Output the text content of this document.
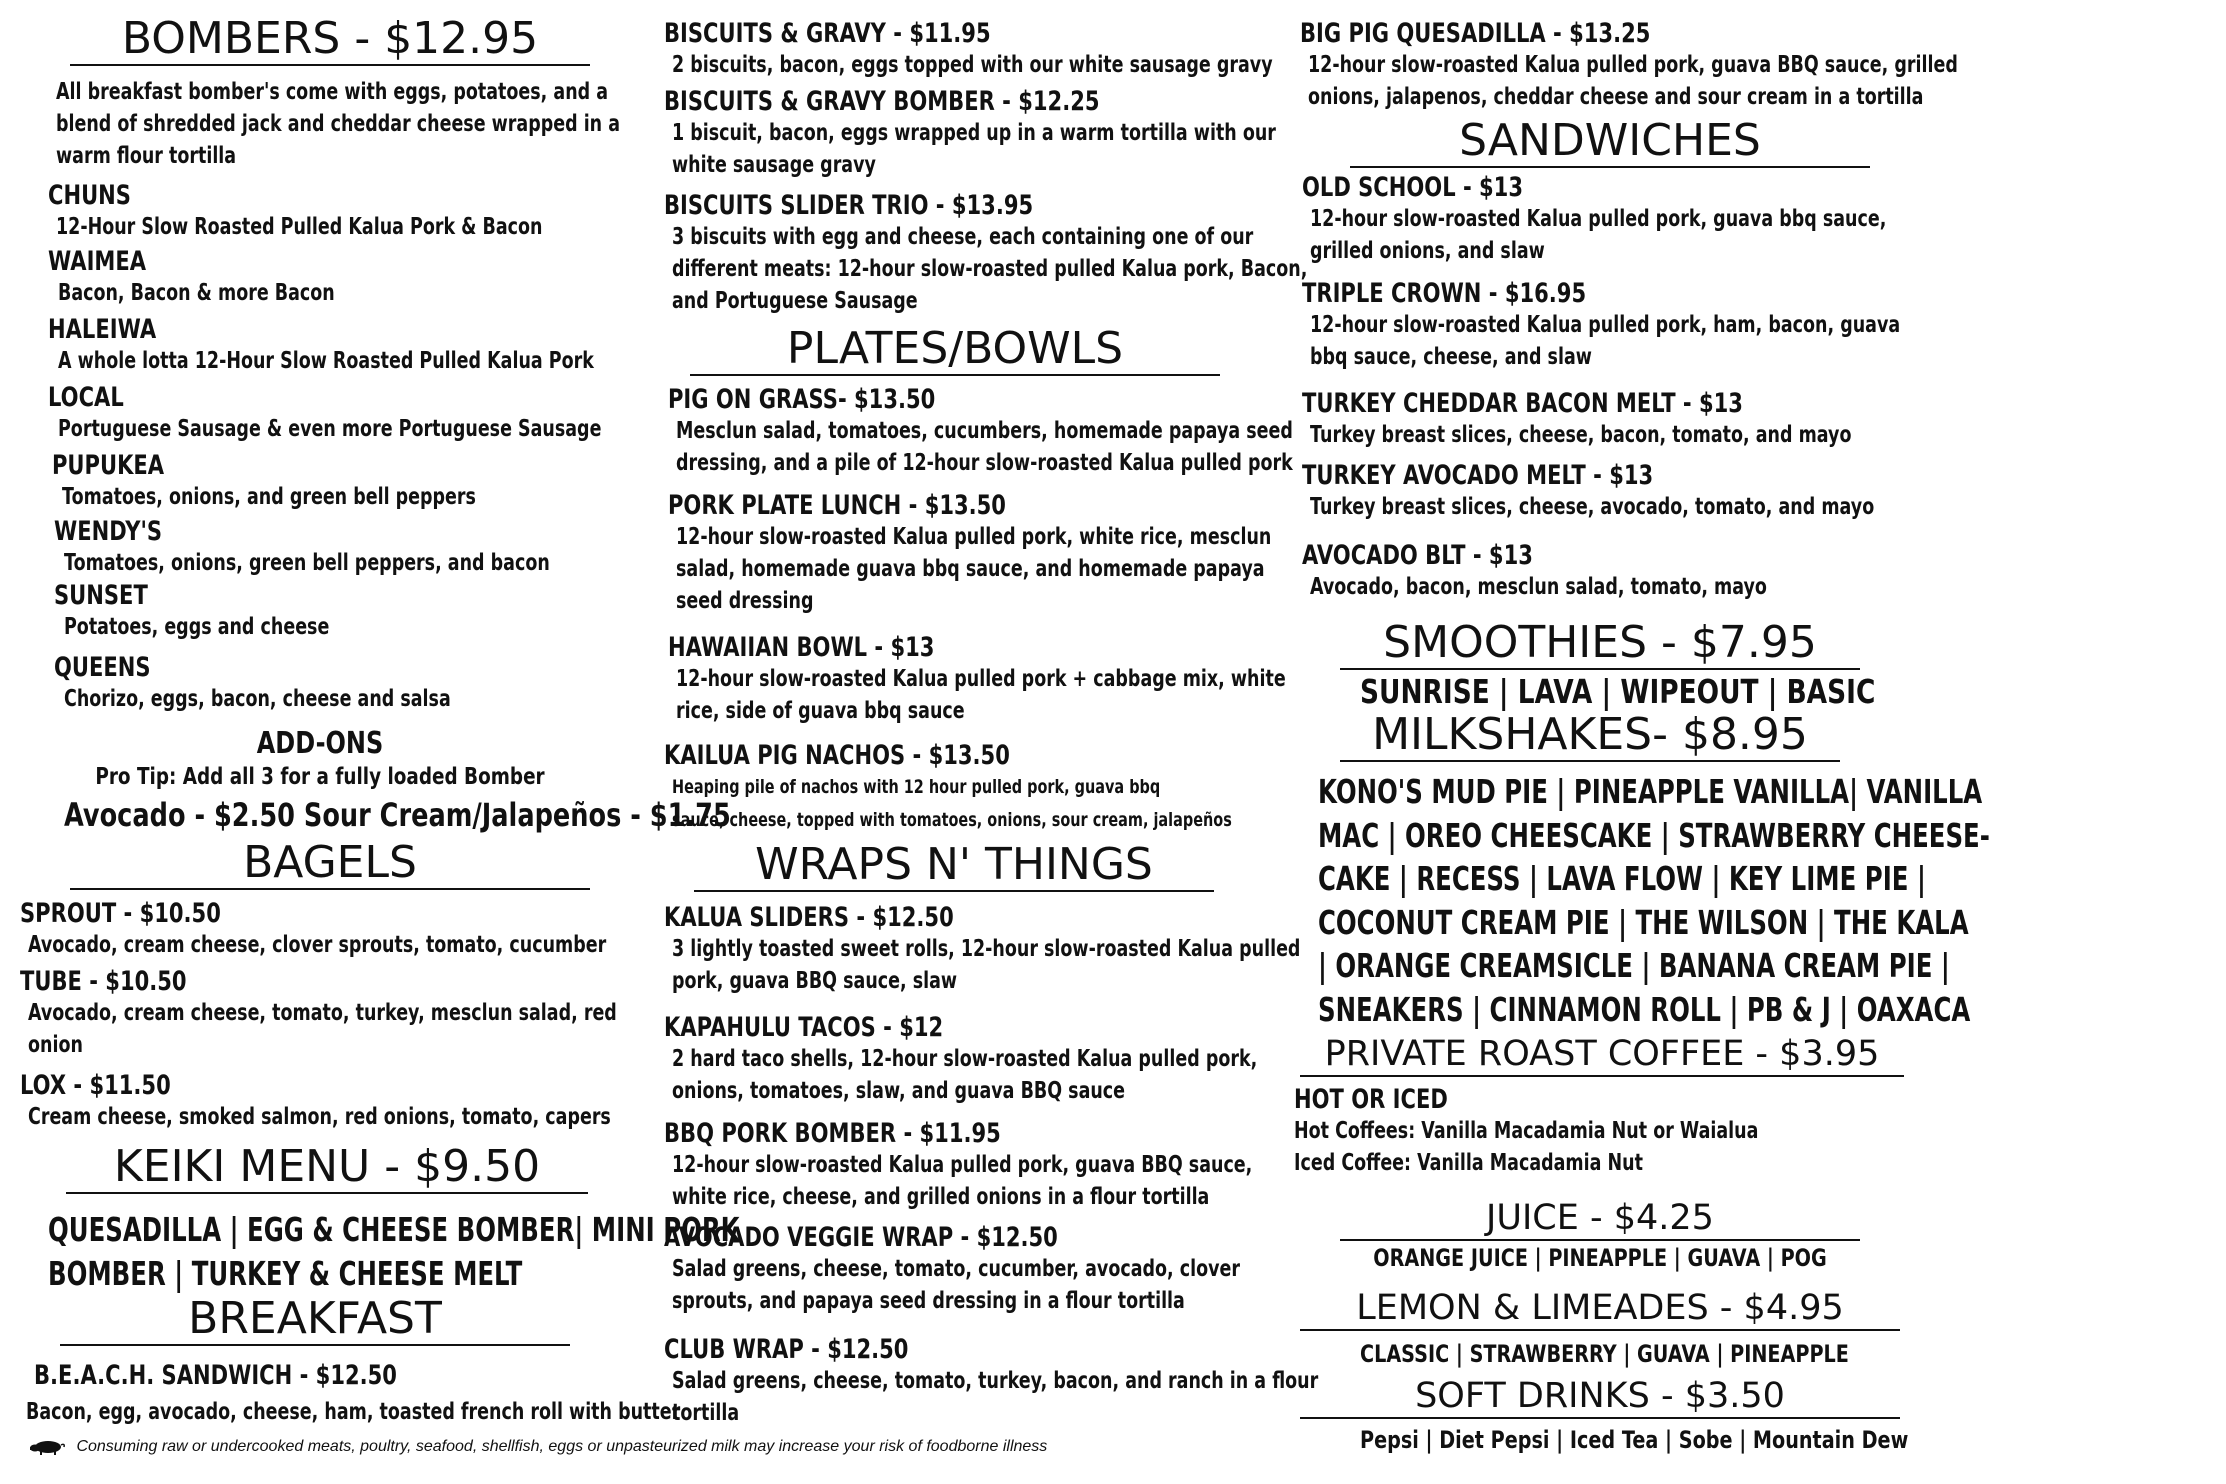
BOMBERS - $12.95
All breakfast bomber's come with eggs, potatoes, and a
blend of shredded jack and cheddar cheese wrapped in a
warm flour tortilla
CHUNS
12-Hour Slow Roasted Pulled Kalua Pork & Bacon
WAIMEA
Bacon, Bacon & more Bacon
HALEIWA
A whole lotta 12-Hour Slow Roasted Pulled Kalua Pork
LOCAL
Portuguese Sausage & even more Portuguese Sausage
PUPUKEA
Tomatoes, onions, and green bell peppers
WENDY'S
Tomatoes, onions, green bell peppers, and bacon
SUNSET
Potatoes, eggs and cheese
QUEENS
Chorizo, eggs, bacon, cheese and salsa
ADD-ONS
Pro Tip: Add all 3 for a fully loaded Bomber
Avocado - $2.50 Sour Cream/Jalapeños - $1.75
BAGELS
SPROUT - $10.50
Avocado, cream cheese, clover sprouts, tomato, cucumber
TUBE - $10.50
Avocado, cream cheese, tomato, turkey, mesclun salad, red
onion
LOX - $11.50
Cream cheese, smoked salmon, red onions, tomato, capers
KEIKI MENU - $9.50
QUESADILLA | EGG & CHEESE BOMBER| MINI PORK
BOMBER | TURKEY & CHEESE MELT
BREAKFAST
B.E.A.C.H. SANDWICH - $12.50
Bacon, egg, avocado, cheese, ham, toasted french roll with butter
BISCUITS & GRAVY - $11.95
2 biscuits, bacon, eggs topped with our white sausage gravy
BISCUITS & GRAVY BOMBER - $12.25
1 biscuit, bacon, eggs wrapped up in a warm tortilla with our
white sausage gravy
BISCUITS SLIDER TRIO - $13.95
3 biscuits with egg and cheese, each containing one of our
different meats: 12-hour slow-roasted pulled Kalua pork, Bacon,
and Portuguese Sausage
PLATES/BOWLS
PIG ON GRASS- $13.50
Mesclun salad, tomatoes, cucumbers, homemade papaya seed
dressing, and a pile of 12-hour slow-roasted Kalua pulled pork
PORK PLATE LUNCH - $13.50
12-hour slow-roasted Kalua pulled pork, white rice, mesclun
salad, homemade guava bbq sauce, and homemade papaya
seed dressing
HAWAIIAN BOWL - $13
12-hour slow-roasted Kalua pulled pork + cabbage mix, white
rice, side of guava bbq sauce
KAILUA PIG NACHOS - $13.50
Heaping pile of nachos with 12 hour pulled pork, guava bbq
sauce, cheese, topped with tomatoes, onions, sour cream, jalapeños
WRAPS N' THINGS
KALUA SLIDERS - $12.50
3 lightly toasted sweet rolls, 12-hour slow-roasted Kalua pulled
pork, guava BBQ sauce, slaw
KAPAHULU TACOS - $12
2 hard taco shells, 12-hour slow-roasted Kalua pulled pork,
onions, tomatoes, slaw, and guava BBQ sauce
BBQ PORK BOMBER - $11.95
12-hour slow-roasted Kalua pulled pork, guava BBQ sauce,
white rice, cheese, and grilled onions in a flour tortilla
AVOCADO VEGGIE WRAP - $12.50
Salad greens, cheese, tomato, cucumber, avocado, clover
sprouts, and papaya seed dressing in a flour tortilla
CLUB WRAP - $12.50
Salad greens, cheese, tomato, turkey, bacon, and ranch in a flour
tortilla
BIG PIG QUESADILLA - $13.25
12-hour slow-roasted Kalua pulled pork, guava BBQ sauce, grilled
onions, jalapenos, cheddar cheese and sour cream in a tortilla
SANDWICHES
OLD SCHOOL - $13
12-hour slow-roasted Kalua pulled pork, guava bbq sauce,
grilled onions, and slaw
TRIPLE CROWN - $16.95
12-hour slow-roasted Kalua pulled pork, ham, bacon, guava
bbq sauce, cheese, and slaw
TURKEY CHEDDAR BACON MELT - $13
Turkey breast slices, cheese, bacon, tomato, and mayo
TURKEY AVOCADO MELT - $13
Turkey breast slices, cheese, avocado, tomato, and mayo
AVOCADO BLT - $13
Avocado, bacon, mesclun salad, tomato, mayo
SMOOTHIES - $7.95
SUNRISE | LAVA | WIPEOUT | BASIC
MILKSHAKES- $8.95
KONO'S MUD PIE | PINEAPPLE VANILLA| VANILLA
MAC | OREO CHEESCAKE | STRAWBERRY CHEESE-
CAKE | RECESS | LAVA FLOW | KEY LIME PIE |
COCONUT CREAM PIE | THE WILSON | THE KALA
| ORANGE CREAMSICLE | BANANA CREAM PIE |
SNEAKERS | CINNAMON ROLL | PB & J | OAXACA
PRIVATE ROAST COFFEE - $3.95
HOT OR ICED
Hot Coffees: Vanilla Macadamia Nut or Waialua
Iced Coffee: Vanilla Macadamia Nut
JUICE - $4.25
ORANGE JUICE | PINEAPPLE | GUAVA | POG
LEMON & LIMEADES - $4.95
CLASSIC | STRAWBERRY | GUAVA | PINEAPPLE
SOFT DRINKS - $3.50
Pepsi | Diet Pepsi | Iced Tea | Sobe | Mountain Dew
Consuming raw or undercooked meats, poultry, seafood, shellfish, eggs or unpasteurized milk may increase your risk of foodborne illness
